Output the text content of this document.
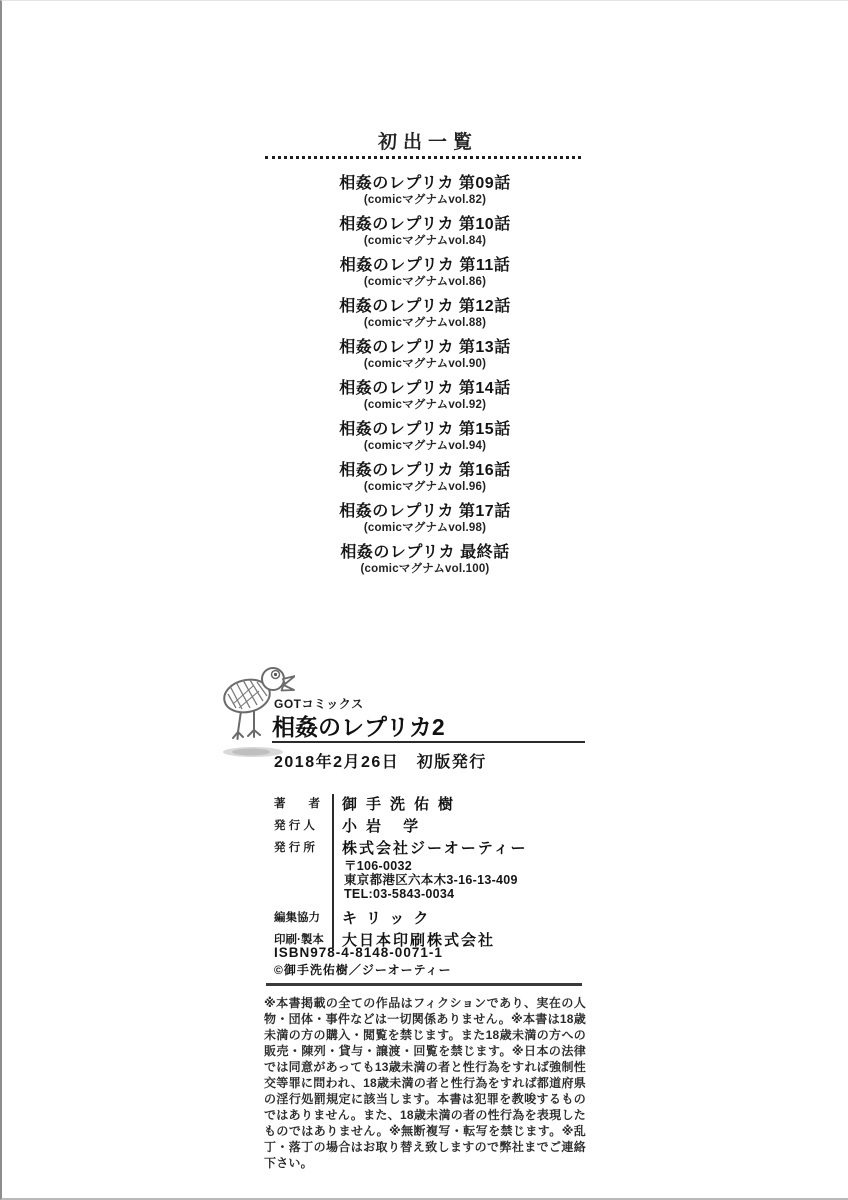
初出一覧
相姦のレプリカ 第09話
(comicマグナムvol.82)
相姦のレプリカ 第10話
(comicマグナムvol.84)
相姦のレプリカ 第11話
(comicマグナムvol.86)
相姦のレプリカ 第12話
(comicマグナムvol.88)
相姦のレプリカ 第13話
(comicマグナムvol.90)
相姦のレプリカ 第14話
(comicマグナムvol.92)
相姦のレプリカ 第15話
(comicマグナムvol.94)
相姦のレプリカ 第16話
(comicマグナムvol.96)
相姦のレプリカ 第17話
(comicマグナムvol.98)
相姦のレプリカ 最終話
(comicマグナムvol.100)
GOTコミックス
相姦のレプリカ2
2018年2月26日　初版発行
著　　者	御手洗佑樹
発 行 人	小岩 学
発 行 所	株式会社ジーオーティー
〒106-0032
東京都港区六本木3-16-13-409
TEL:03-5843-0034
編集協力	キリック
印刷·製本	大日本印刷株式会社
ISBN978-4-8148-0071-1
©御手洗佑樹／ジーオーティー

※本書掲載の全ての作品はフィクションであり、実在の人物・団体・事件などは一切関係ありません。※本書は18歳未満の方の購入・閲覧を禁じます。また18歳未満の方への販売・陳列・貸与・譲渡・回覧を禁じます。※日本の法律では同意があっても13歳未満の者と性行為をすれば強制性交等罪に問われ、18歳未満の者と性行為をすれば都道府県の淫行処罰規定に該当します。本書は犯罪を教唆するものではありません。また、18歳未満の者の性行為を表現したものではありません。※無断複写・転写を禁じます。※乱丁・落丁の場合はお取り替え致しますので弊社までご連絡下さい。
